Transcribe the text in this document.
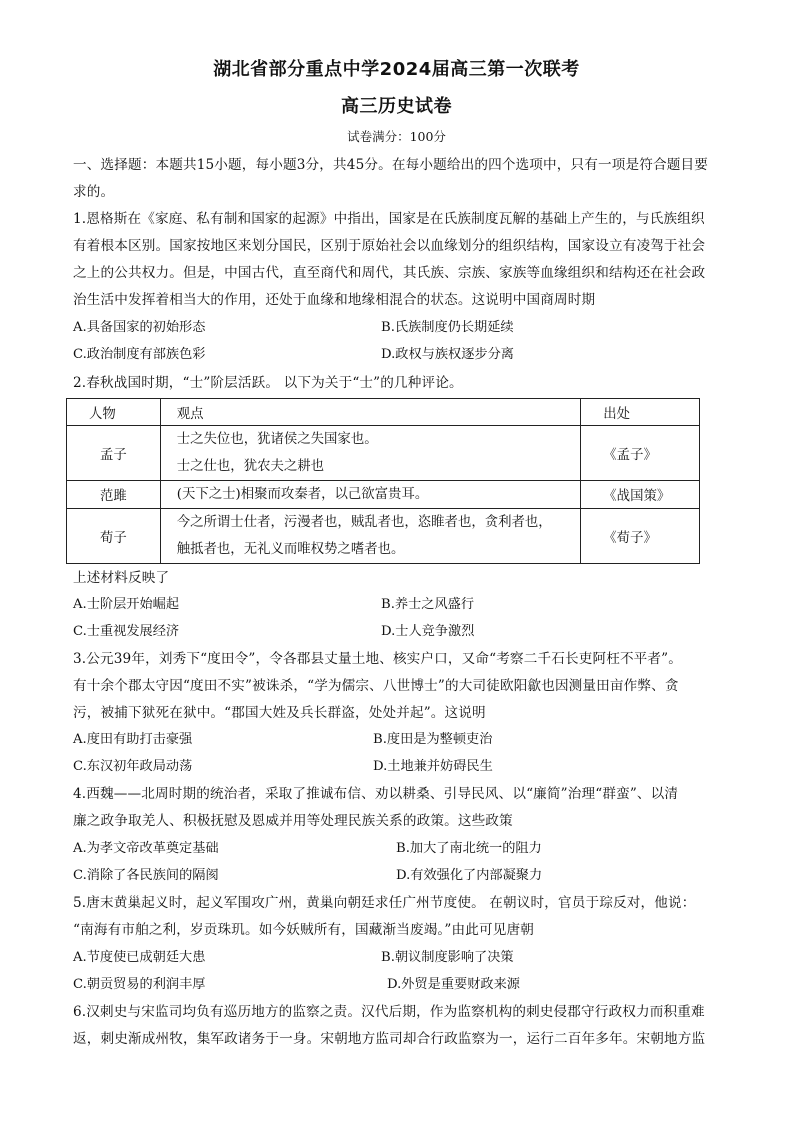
湖北省部分重点中学2024届高三第一次联考
高三历史试卷
试卷满分：100分
一、选择题：本题共15小题，每小题3分，共45分。在每小题给出的四个选项中，只有一项是符合题目要
求的。
1.恩格斯在《家庭、私有制和国家的起源》中指出，国家是在氏族制度瓦解的基础上产生的，与氏族组织
有着根本区别。国家按地区来划分国民，区别于原始社会以血缘划分的组织结构，国家设立有凌驾于社会
之上的公共权力。但是，中国古代，直至商代和周代，其氏族、宗族、家族等血缘组织和结构还在社会政
治生活中发挥着相当大的作用，还处于血缘和地缘相混合的状态。这说明中国商周时期
A.具备国家的初始形态	B.氏族制度仍长期延续
C.政治制度有部族色彩	D.政权与族权逐步分离
2.春秋战国时期，“士”阶层活跃。 以下为关于“士”的几种评论。
人物	观点	出处
孟子	士之失位也，犹诸侯之失国家也。
士之仕也，犹农夫之耕也	《孟子》
范雎	(天下之士)相聚而攻秦者，以己欲富贵耳。	《战国策》
荀子	今之所谓士仕者，污漫者也，贼乱者也，恣睢者也，贪利者也，
触抵者也，无礼义而唯权势之嗜者也。	《荀子》
上述材料反映了
A.士阶层开始崛起	B.养士之风盛行
C.士重视发展经济	D.士人竞争激烈
3.公元39年，刘秀下“度田令”，令各郡县丈量土地、核实户口，又命“考察二千石长吏阿枉不平者”。
有十余个郡太守因“度田不实”被诛杀，“学为儒宗、八世博士”的大司徒欧阳歙也因测量田亩作弊、贪
污，被捕下狱死在狱中。“郡国大姓及兵长群盗，处处并起”。这说明
A.度田有助打击豪强	B.度田是为整顿吏治
C.东汉初年政局动荡	D.土地兼并妨碍民生
4.西魏——北周时期的统治者，采取了推诚布信、劝以耕桑、引导民风、以“廉简”治理“群蛮”、以清
廉之政争取羌人、积极抚慰及恩威并用等处理民族关系的政策。这些政策
A.为孝文帝改革奠定基础	B.加大了南北统一的阻力
C.消除了各民族间的隔阂	D.有效强化了内部凝聚力
5.唐末黄巢起义时，起义军围攻广州，黄巢向朝廷求任广州节度使。 在朝议时，官员于琮反对，他说：
“南海有市舶之利，岁贡珠玑。如今妖贼所有，国藏渐当废竭。”由此可见唐朝
A.节度使已成朝廷大患	B.朝议制度影响了决策
C.朝贡贸易的利润丰厚	D.外贸是重要财政来源
6.汉刺史与宋监司均负有巡历地方的监察之责。汉代后期，作为监察机构的刺史侵郡守行政权力而积重难
返，刺史渐成州牧，集军政诸务于一身。宋朝地方监司却合行政监察为一，运行二百年多年。宋朝地方监
